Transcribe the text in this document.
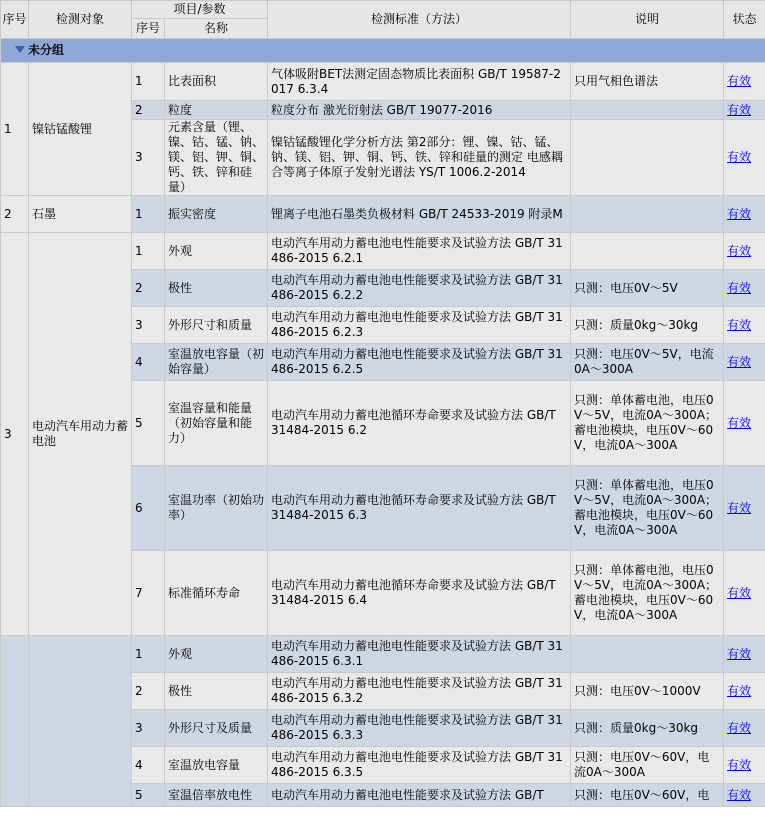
序号	检测对象	项目/参数		检测标准（方法）	说明	状态
		序号	名称			
未分组						
1	镍钴锰酸锂	1	比表面积	气体吸附BET法测定固态物质比表面积 GB/T 19587-2017 6.3.4	只用气相色谱法	有效
		2	粒度	粒度分布 激光衍射法 GB/T 19077-2016		有效
		3	元素含量（锂、镍、钴、锰、钠、镁、铝、钾、铜、钙、铁、锌和硅量）	镍钴锰酸锂化学分析方法 第2部分：锂、镍、钴、锰、钠、镁、铝、钾、铜、钙、铁、锌和硅量的测定 电感耦合等离子体原子发射光谱法 YS/T 1006.2-2014		有效
2	石墨	1	振实密度	锂离子电池石墨类负极材料 GB/T 24533-2019 附录M		有效
3	电动汽车用动力蓄电池	1	外观	电动汽车用动力蓄电池电性能要求及试验方法 GB/T 31486-2015 6.2.1		有效
		2	极性	电动汽车用动力蓄电池电性能要求及试验方法 GB/T 31486-2015 6.2.2	只测：电压0V～5V	有效
		3	外形尺寸和质量	电动汽车用动力蓄电池电性能要求及试验方法 GB/T 31486-2015 6.2.3	只测：质量0kg～30kg	有效
		4	室温放电容量（初始容量）	电动汽车用动力蓄电池电性能要求及试验方法 GB/T 31486-2015 6.2.5	只测：电压0V～5V，电流0A～300A	有效
		5	室温容量和能量（初始容量和能力）	电动汽车用动力蓄电池循环寿命要求及试验方法 GB/T 31484-2015 6.2	只测：单体蓄电池，电压0V～5V，电流0A～300A；蓄电池模块，电压0V～60V，电流0A～300A	有效
		6	室温功率（初始功率）	电动汽车用动力蓄电池循环寿命要求及试验方法 GB/T 31484-2015 6.3	只测：单体蓄电池，电压0V～5V，电流0A～300A；蓄电池模块，电压0V～60V，电流0A～300A	有效
		7	标准循环寿命	电动汽车用动力蓄电池循环寿命要求及试验方法 GB/T 31484-2015 6.4	只测：单体蓄电池，电压0V～5V，电流0A～300A；蓄电池模块，电压0V～60V，电流0A～300A	有效
		1	外观	电动汽车用动力蓄电池电性能要求及试验方法 GB/T 31486-2015 6.3.1		有效
		2	极性	电动汽车用动力蓄电池电性能要求及试验方法 GB/T 31486-2015 6.3.2	只测：电压0V～1000V	有效
		3	外形尺寸及质量	电动汽车用动力蓄电池电性能要求及试验方法 GB/T 31486-2015 6.3.3	只测：质量0kg～30kg	有效
		4	室温放电容量	电动汽车用动力蓄电池电性能要求及试验方法 GB/T 31486-2015 6.3.5	只测：电压0V～60V，电流0A～300A	有效
		5	室温倍率放电性	电动汽车用动力蓄电池电性能要求及试验方法 GB/T	只测：电压0V～60V，电	有效
